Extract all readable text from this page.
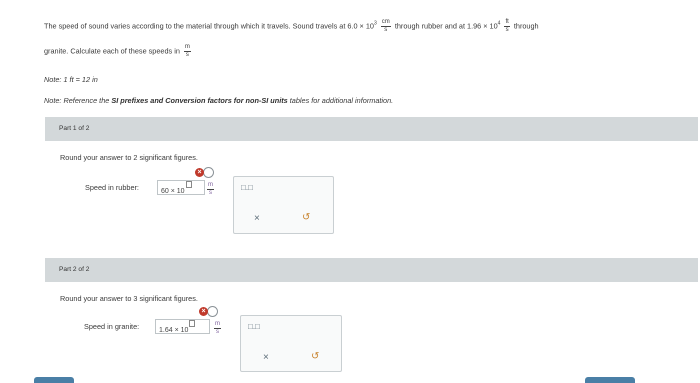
The speed of sound varies according to the material through which it travels. Sound travels at $6.0 \times 10^3 \frac{cm}{s}$ through rubber and at $1.96 \times 10^4 \frac{ft}{s}$ through
granite. Calculate each of these speeds in $\frac{m}{s}$
Note: 1 ft = 12 in
Note: Reference the SI prefixes and Conversion factors for non-SI units tables for additional information.
Part 1 of 2
Round your answer to 2 significant figures.
Speed in rubber:	60 × 10
×
$\frac{m}{s}$	□.□
×	↺
Part 2 of 2
Round your answer to 3 significant figures.
Speed in granite:	1.64 × 10
×
$\frac{m}{s}$	□.□
×	↺
